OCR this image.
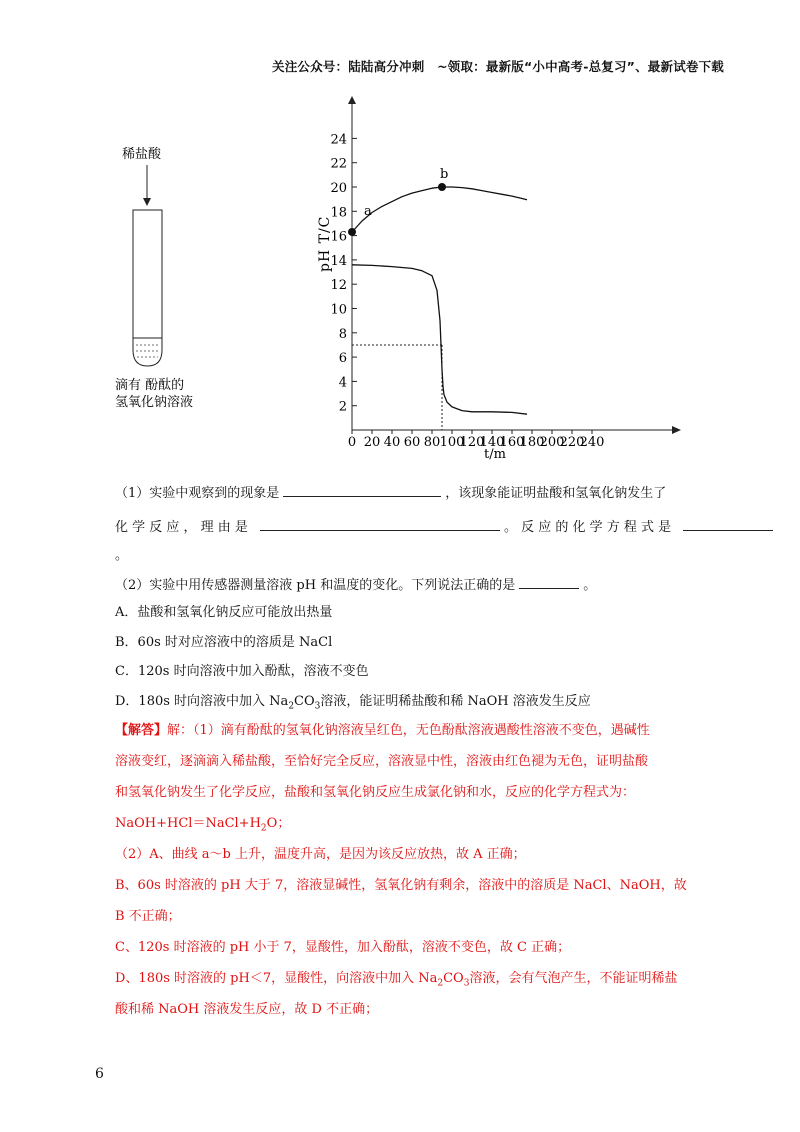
关注公众号：陆陆高分冲刺　~领取：最新版“小中高考-总复习”、最新试卷下载
稀盐酸
滴有 酚酞的
氢氧化钠溶液
pH T/C
t/m
0 20 40 60 80 100
120
140
160
180
200
220
240
2
4
6
8
10
12
14
16
18
20
22
24
a
b
（1）实验中观察到的现象是	，该现象能证明盐酸和氢氧化钠发生了
化 学 反 应 ， 理 由 是	。 反 应 的 化 学 方 程 式 是
。
（2）实验中用传感器测量溶液 pH 和温度的变化。下列说法正确的是	。
A．盐酸和氢氧化钠反应可能放出热量
B．60s 时对应溶液中的溶质是 NaCl
C．120s 时向溶液中加入酚酞，溶液不变色
D．180s 时向溶液中加入 $Na_2CO_3$溶液，能证明稀盐酸和稀 NaOH 溶液发生反应
【解答】解：（1）滴有酚酞的氢氧化钠溶液呈红色，无色酚酞溶液遇酸性溶液不变色，遇碱性
溶液变红，逐滴滴入稀盐酸，至恰好完全反应，溶液显中性，溶液由红色褪为无色，证明盐酸
和氢氧化钠发生了化学反应，盐酸和氢氧化钠反应生成氯化钠和水，反应的化学方程式为：
$NaOH+HCl=NaCl+H_2O$；
（2）A、曲线 a～b 上升，温度升高，是因为该反应放热，故 A 正确；
B、60s 时溶液的 pH 大于 7，溶液显碱性，氢氧化钠有剩余，溶液中的溶质是 NaCl、NaOH，故
B 不正确；
C、120s 时溶液的 pH 小于 7，显酸性，加入酚酞，溶液不变色，故 C 正确；
D、180s 时溶液的 pH＜7，显酸性，向溶液中加入 $Na_2CO_3$溶液，会有气泡产生，不能证明稀盐
酸和稀 NaOH 溶液发生反应，故 D 不正确；
6
